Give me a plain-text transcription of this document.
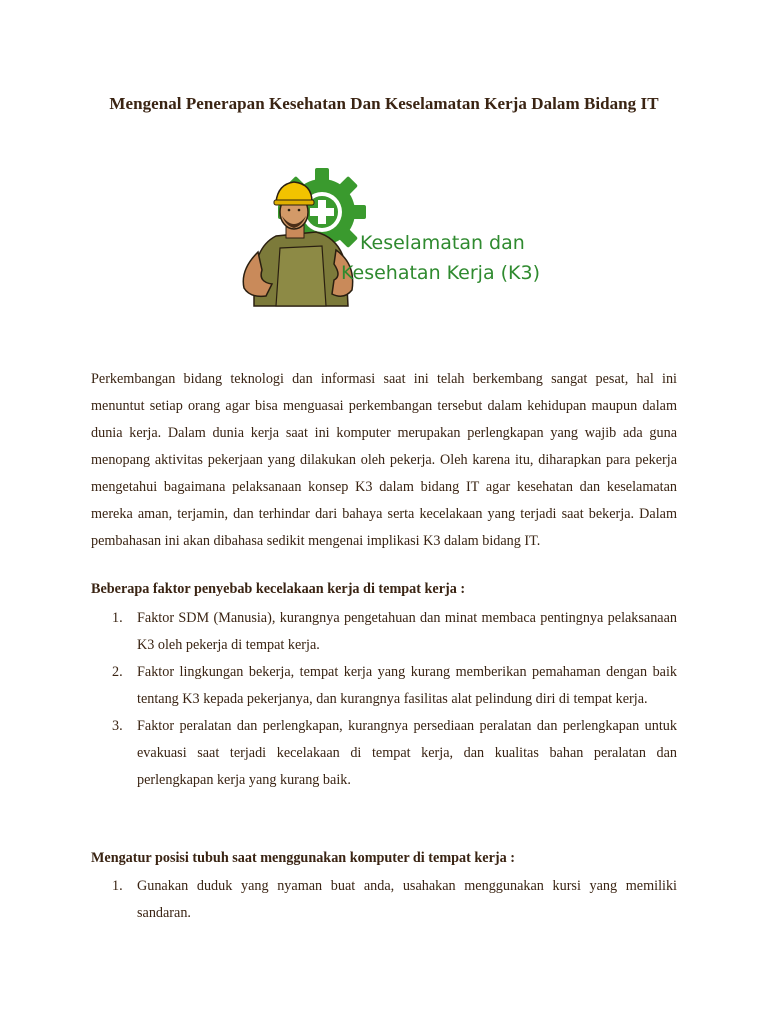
Mengenal Penerapan Kesehatan Dan Keselamatan Kerja Dalam Bidang IT
Keselamatan dan
Kesehatan Kerja (K3)

Perkembangan bidang teknologi dan informasi saat ini telah berkembang sangat pesat, hal ini menuntut setiap orang agar bisa menguasai perkembangan tersebut dalam kehidupan maupun dalam dunia kerja. Dalam dunia kerja saat ini komputer merupakan perlengkapan yang wajib ada guna menopang aktivitas pekerjaan yang dilakukan oleh pekerja. Oleh karena itu, diharapkan para pekerja mengetahui bagaimana pelaksanaan konsep K3 dalam bidang IT agar kesehatan dan keselamatan mereka aman, terjamin, dan terhindar dari bahaya serta kecelakaan yang terjadi saat bekerja. Dalam pembahasan ini akan dibahasa sedikit mengenai implikasi K3 dalam bidang IT.

Beberapa faktor penyebab kecelakaan kerja di tempat kerja :
1. Faktor SDM (Manusia), kurangnya pengetahuan dan minat membaca pentingnya pelaksanaan K3 oleh pekerja di tempat kerja.
2. Faktor lingkungan bekerja, tempat kerja yang kurang memberikan pemahaman dengan baik tentang K3 kepada pekerjanya, dan kurangnya fasilitas alat pelindung diri di tempat kerja.
3. Faktor peralatan dan perlengkapan, kurangnya persediaan peralatan dan perlengkapan untuk evakuasi saat terjadi kecelakaan di tempat kerja, dan kualitas bahan peralatan dan perlengkapan kerja yang kurang baik.
Mengatur posisi tubuh saat menggunakan komputer di tempat kerja :
1. Gunakan duduk yang nyaman buat anda, usahakan menggunakan kursi yang memiliki sandaran.
